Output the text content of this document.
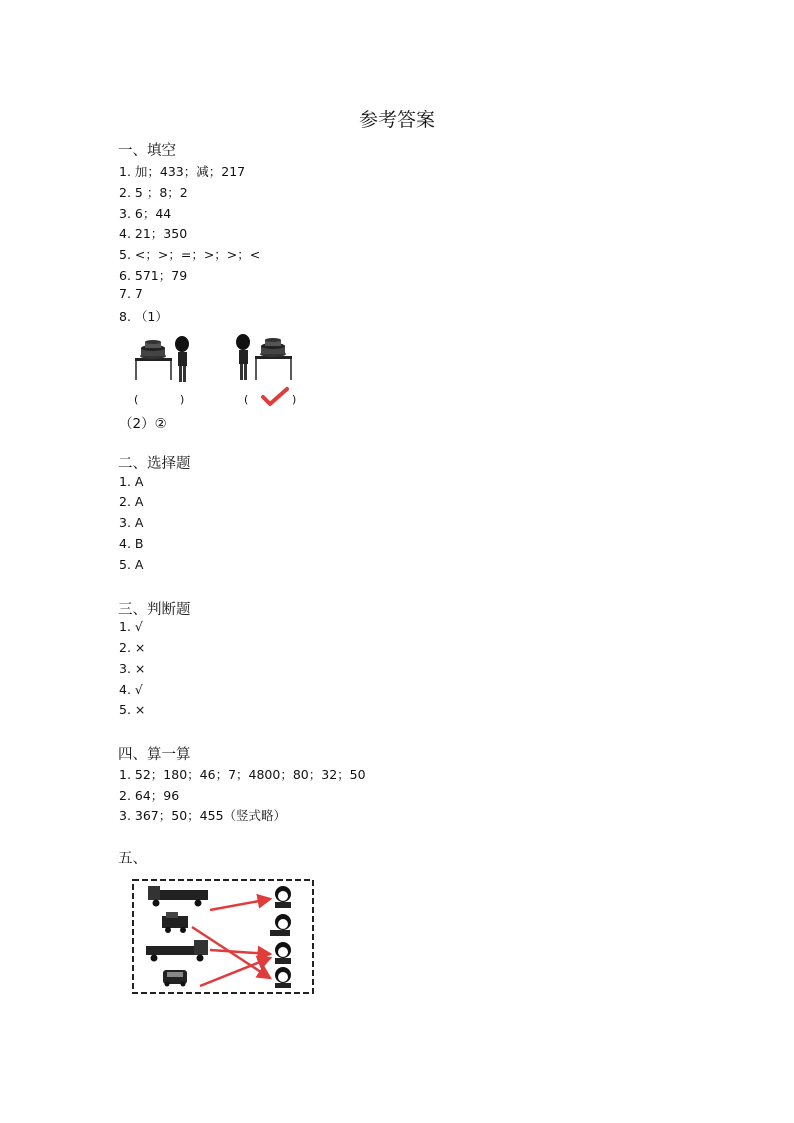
参考答案
一、填空
1. 加；433；减；217
2. 5 ；8；2
3. 6；44
4. 21；350
5. <；>；=；>；>；<
6. 571；79
7. 7
8. （1）
(	)	(	)
（2）②
二、选择题
1. A
2. A
3. A
4. B
5. A
三、判断题
1. √
2. ×
3. ×
4. √
5. ×
四、算一算
1. 52；180；46；7；4800；80；32；50
2. 64；96
3. 367；50；455（竖式略）
五、
